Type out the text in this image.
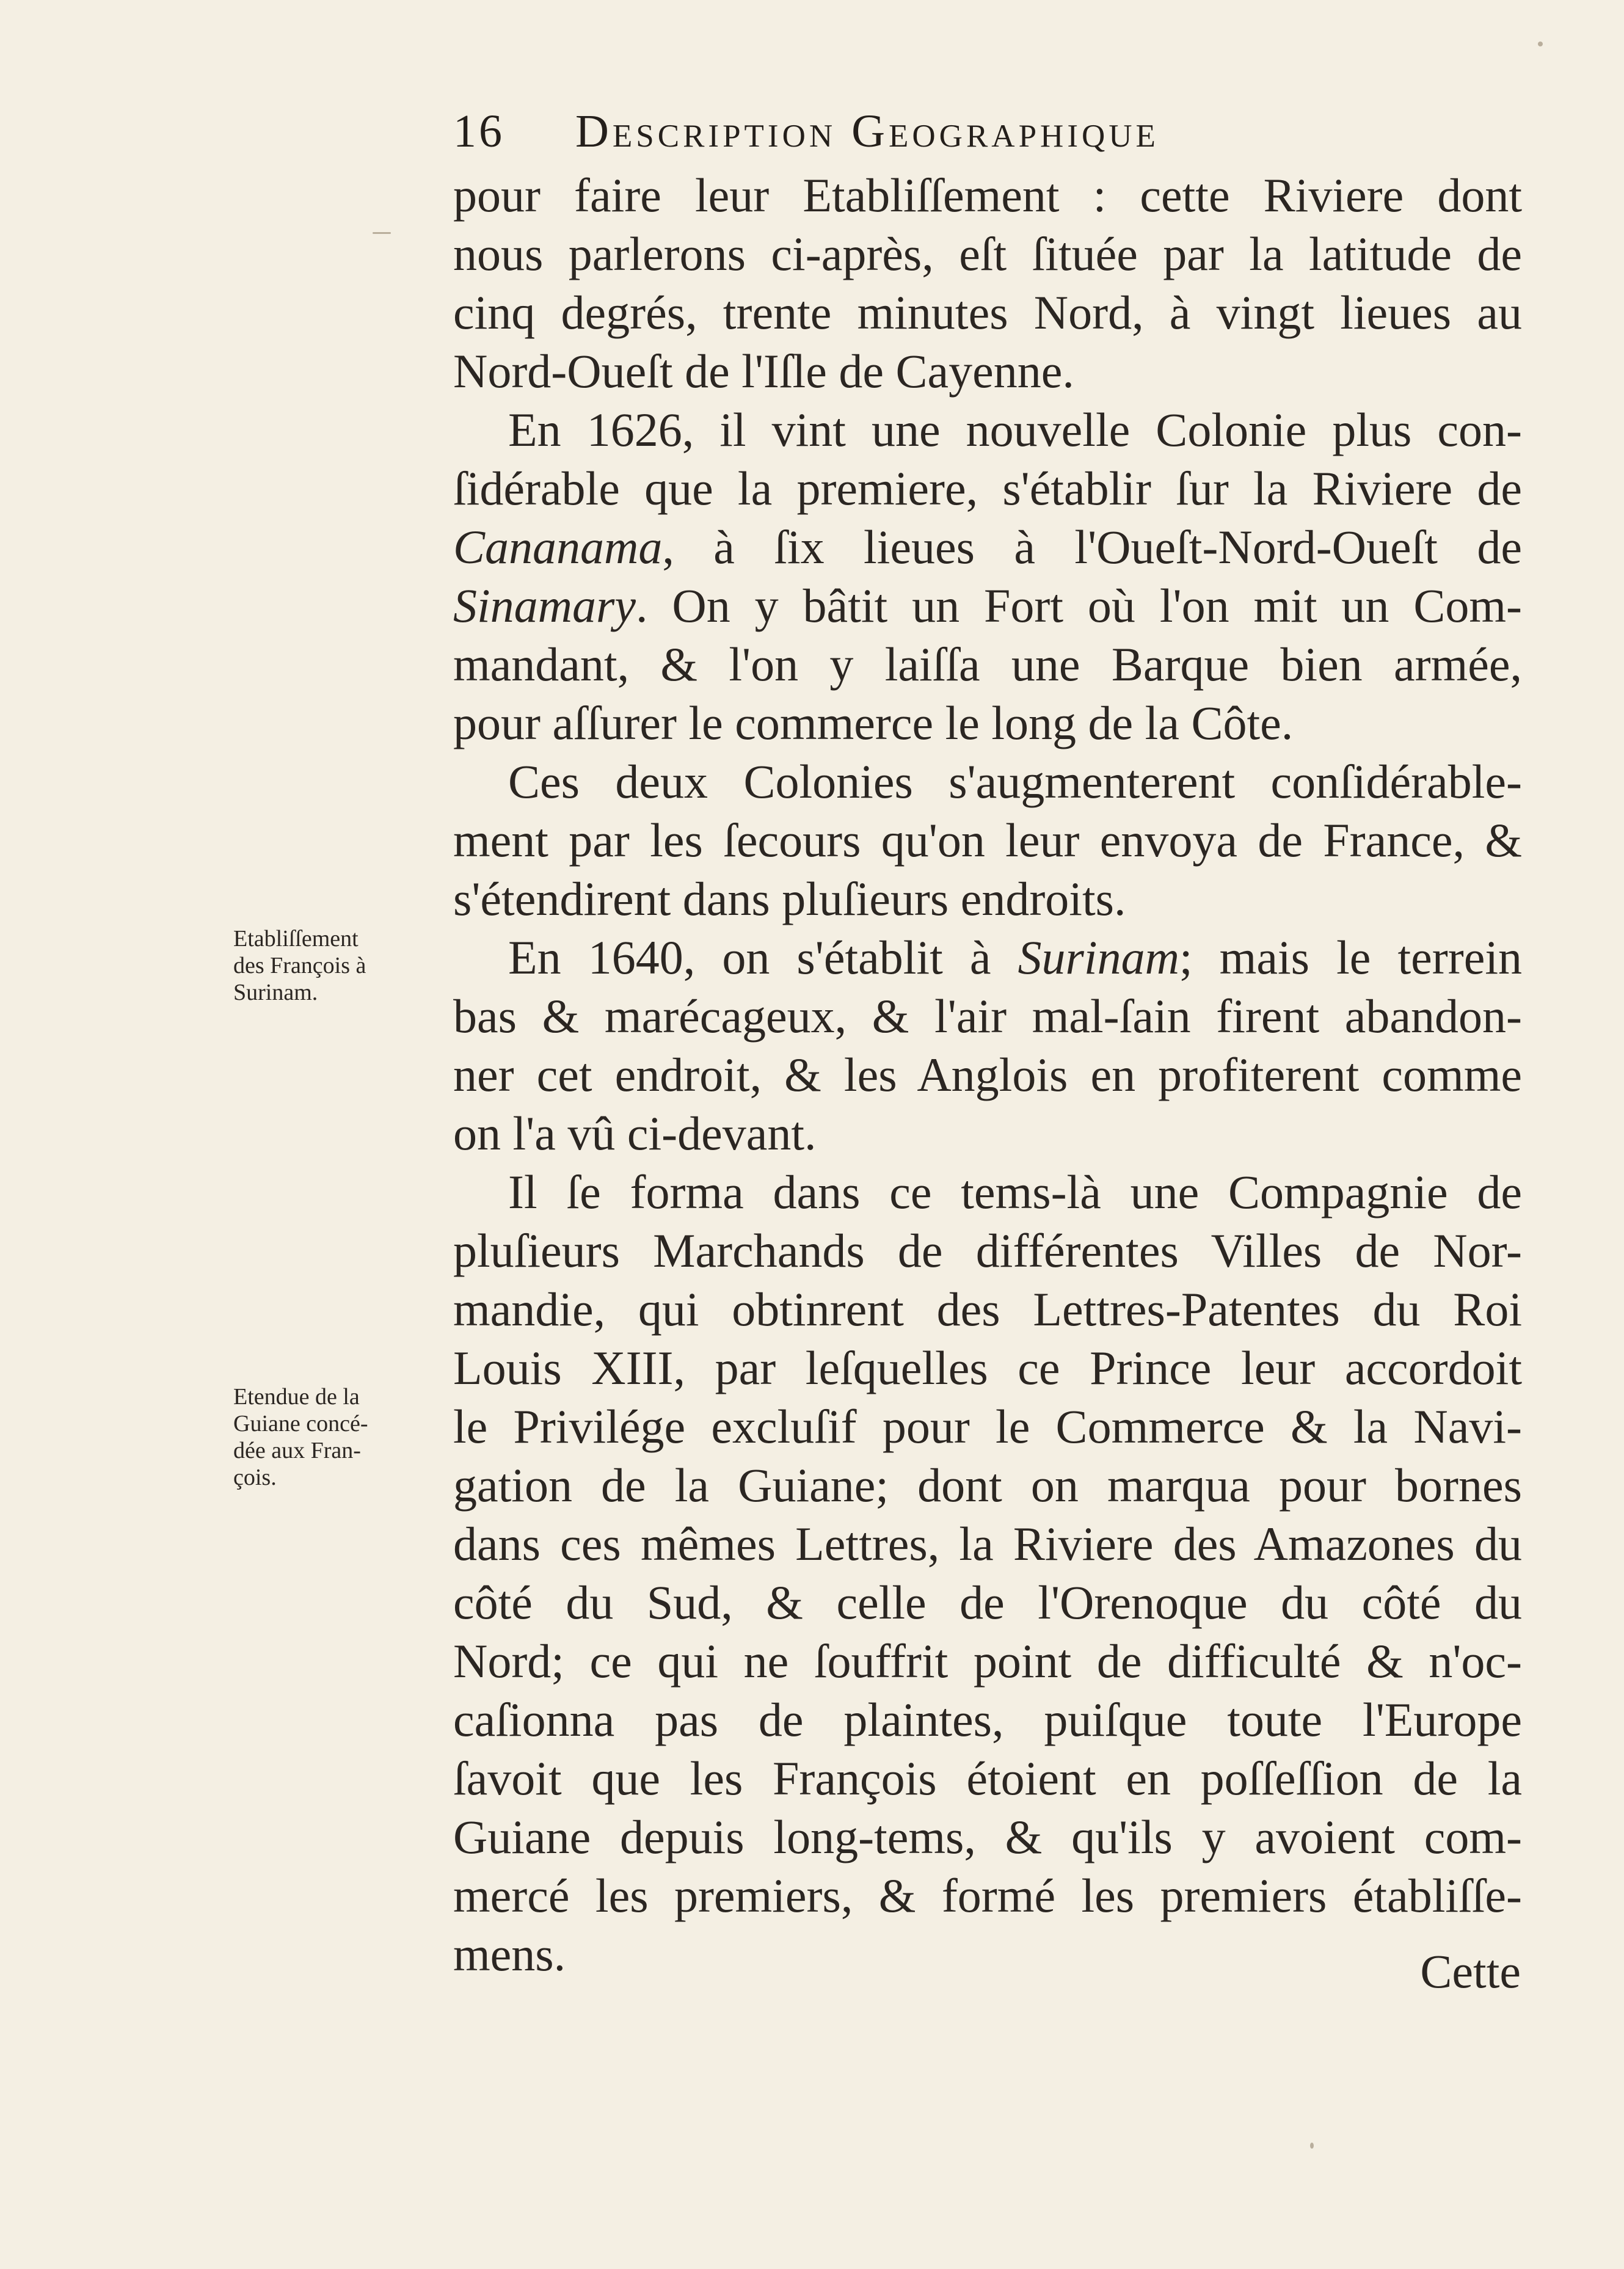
16 Description Geographique
pour faire leur Etabliſſement : cette Riviere dont
nous parlerons ci-après, eſt ſituée par la latitude de
cinq degrés, trente minutes Nord, à vingt lieues au
Nord-Oueſt de l'Iſle de Cayenne.
En 1626, il vint une nouvelle Colonie plus con-
ſidérable que la premiere, s'établir ſur la Riviere de
Cananama, à ſix lieues à l'Oueſt-Nord-Oueſt de
Sinamary. On y bâtit un Fort où l'on mit un Com-
mandant, & l'on y laiſſa une Barque bien armée,
pour aſſurer le commerce le long de la Côte.
Ces deux Colonies s'augmenterent conſidérable-
ment par les ſecours qu'on leur envoya de France, &
s'étendirent dans pluſieurs endroits.
En 1640, on s'établit à Surinam; mais le terrein
bas & marécageux, & l'air mal-ſain firent abandon-
ner cet endroit, & les Anglois en profiterent comme
on l'a vû ci-devant.
Il ſe forma dans ce tems-là une Compagnie de
pluſieurs Marchands de différentes Villes de Nor-
mandie, qui obtinrent des Lettres-Patentes du Roi
Louis XIII, par leſquelles ce Prince leur accordoit
le Privilége excluſif pour le Commerce & la Navi-
gation de la Guiane; dont on marqua pour bornes
dans ces mêmes Lettres, la Riviere des Amazones du
côté du Sud, & celle de l'Orenoque du côté du
Nord; ce qui ne ſouffrit point de difficulté & n'oc-
caſionna pas de plaintes, puiſque toute l'Europe
ſavoit que les François étoient en poſſeſſion de la
Guiane depuis long-tems, & qu'ils y avoient com-
mercé les premiers, & formé les premiers établiſſe-
mens.
Etabliſſement
des François à
Surinam.
Etendue de la
Guiane concé-
dée aux Fran-
çois.
Cette
